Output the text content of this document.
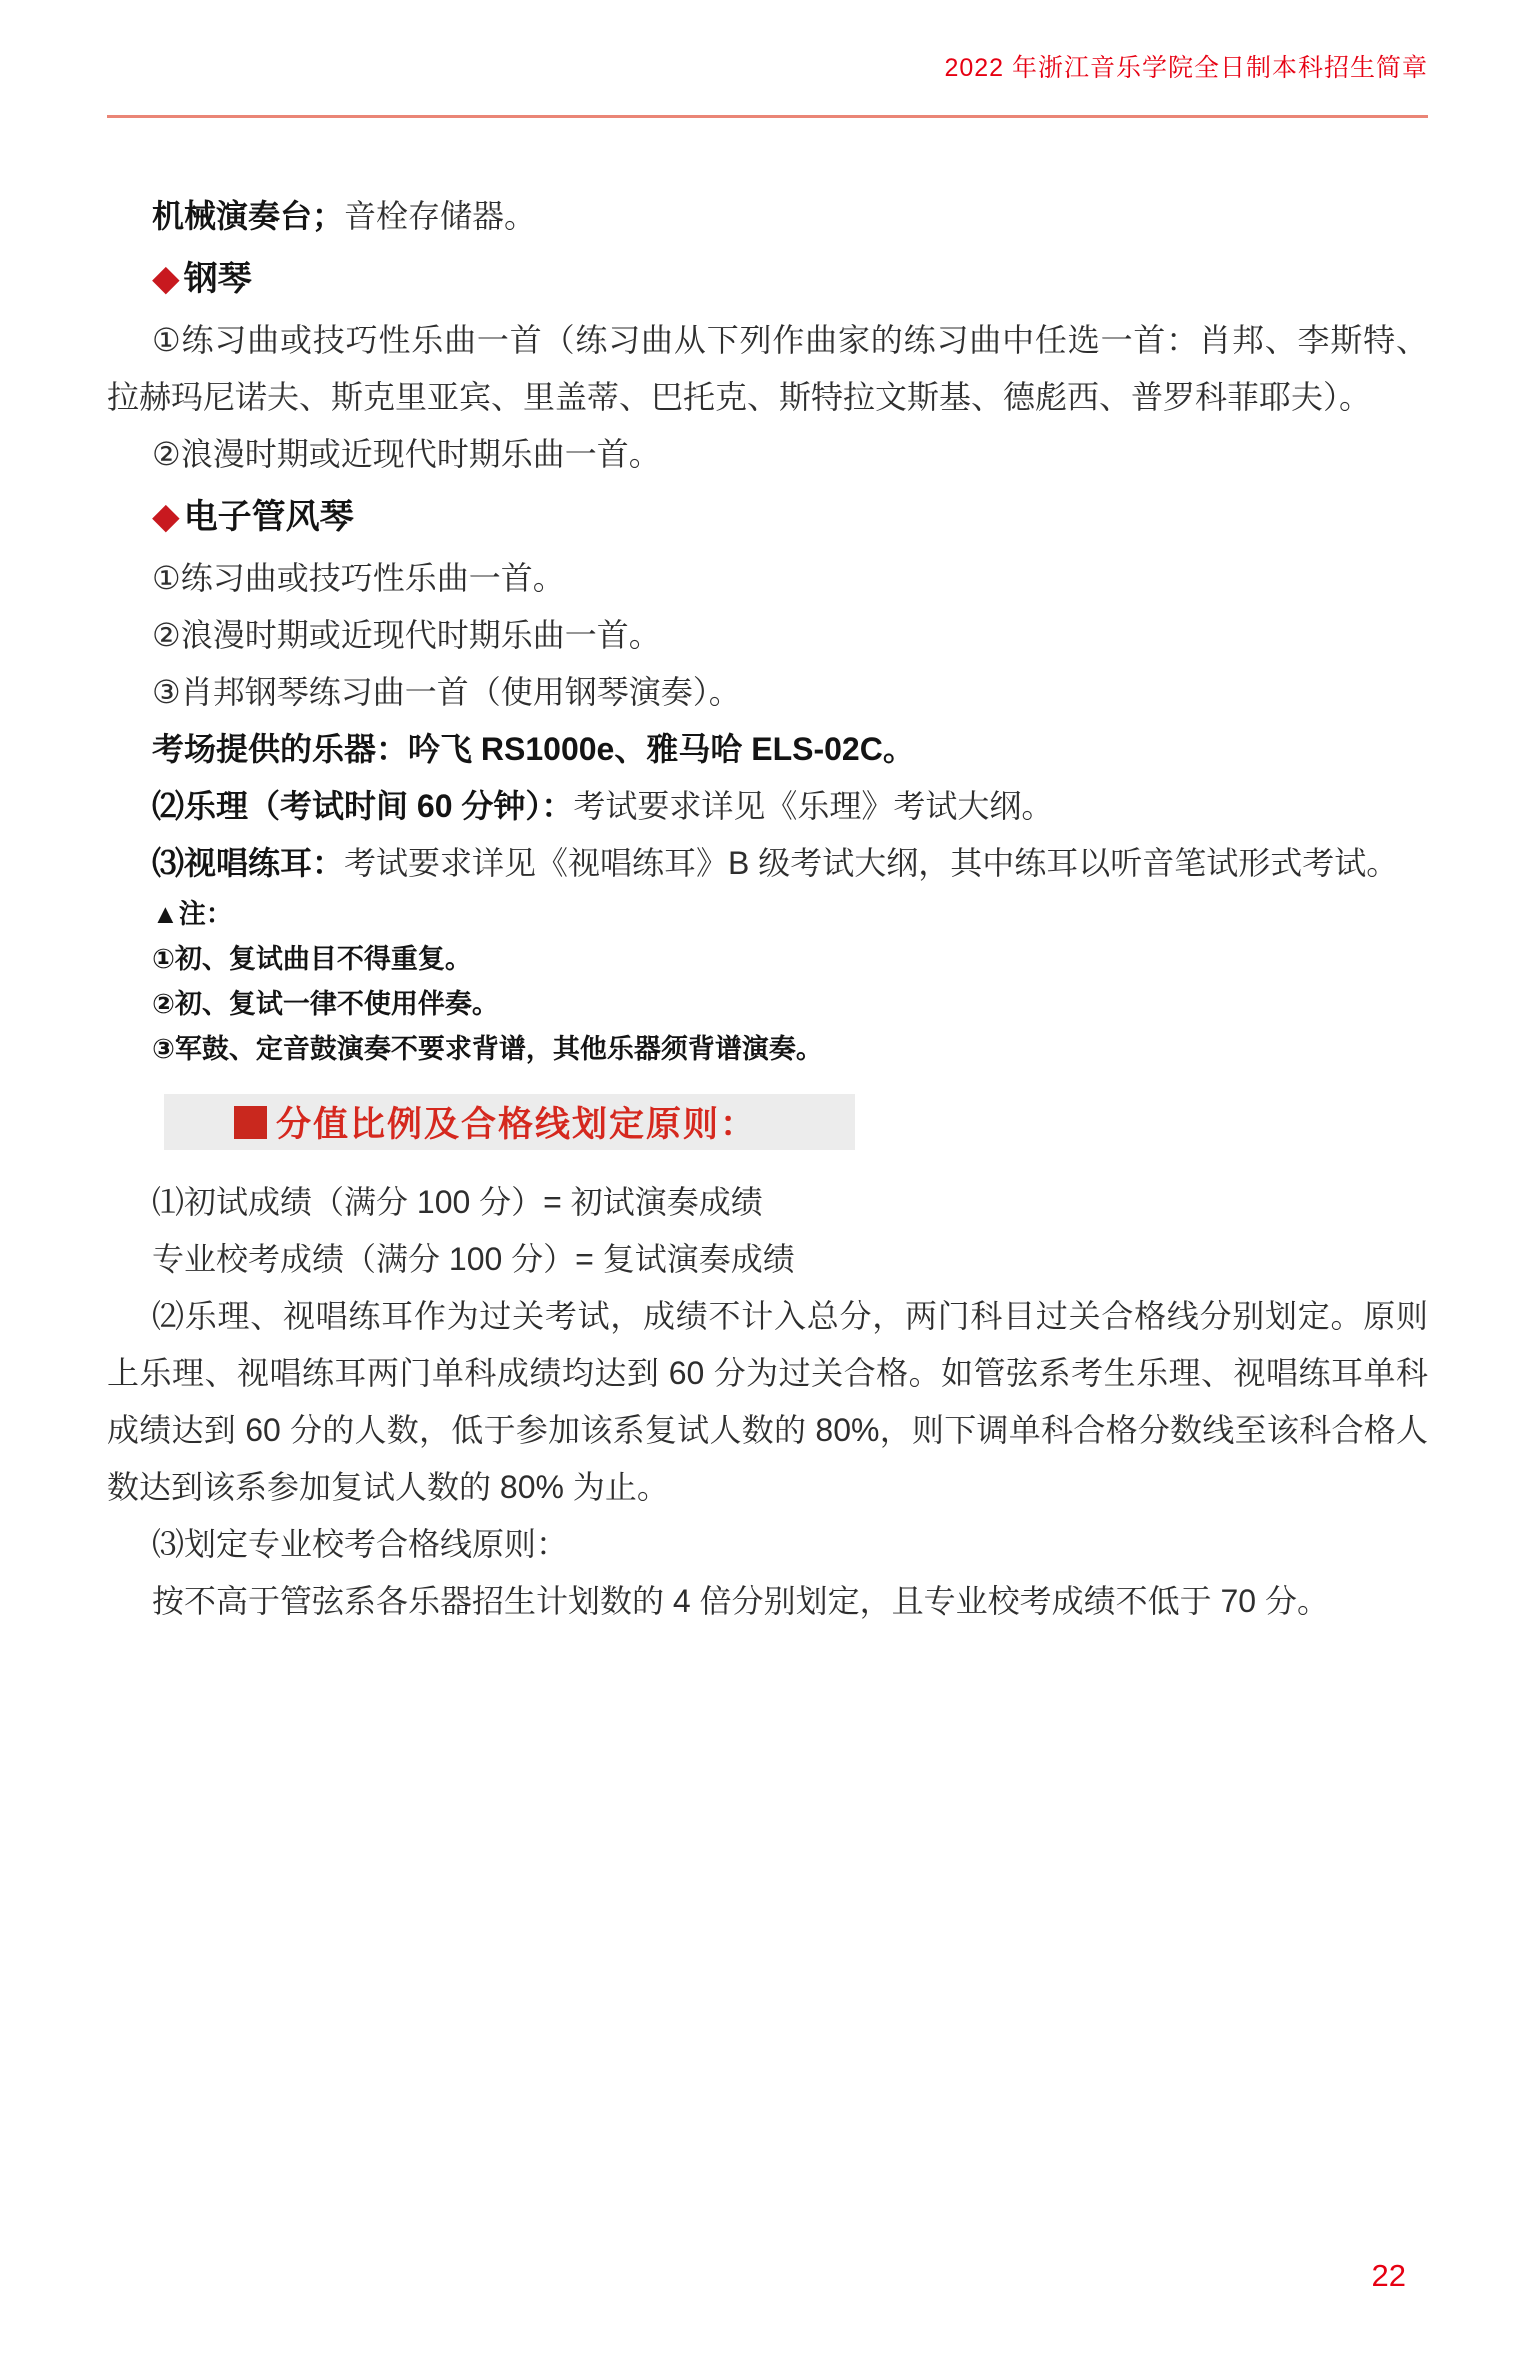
2022 年浙江音乐学院全日制本科招生简章

机械演奏台；音栓存储器。

◆ 钢琴

①练习曲或技巧性乐曲一首（练习曲从下列作曲家的练习曲中任选一首：肖邦、李斯特、拉赫玛尼诺夫、斯克里亚宾、里盖蒂、巴托克、斯特拉文斯基、德彪西、普罗科菲耶夫）。

②浪漫时期或近现代时期乐曲一首。

◆ 电子管风琴

①练习曲或技巧性乐曲一首。

②浪漫时期或近现代时期乐曲一首。

③肖邦钢琴练习曲一首（使用钢琴演奏）。

考场提供的乐器：吟飞 RS1000e、雅马哈 ELS-02C。

⑵乐理（考试时间 60 分钟）：考试要求详见《乐理》考试大纲。

⑶视唱练耳：考试要求详见《视唱练耳》B 级考试大纲，其中练耳以听音笔试形式考试。

▲注：

①初、复试曲目不得重复。

②初、复试一律不使用伴奏。

③军鼓、定音鼓演奏不要求背谱，其他乐器须背谱演奏。

分值比例及合格线划定原则：

⑴初试成绩（满分 100 分）= 初试演奏成绩

专业校考成绩（满分 100 分）= 复试演奏成绩

⑵乐理、视唱练耳作为过关考试，成绩不计入总分，两门科目过关合格线分别划定。原则上乐理、视唱练耳两门单科成绩均达到 60 分为过关合格。如管弦系考生乐理、视唱练耳单科成绩达到 60 分的人数，低于参加该系复试人数的 80%，则下调单科合格分数线至该科合格人数达到该系参加复试人数的 80% 为止。

⑶划定专业校考合格线原则：

按不高于管弦系各乐器招生计划数的 4 倍分别划定，且专业校考成绩不低于 70 分。

22
